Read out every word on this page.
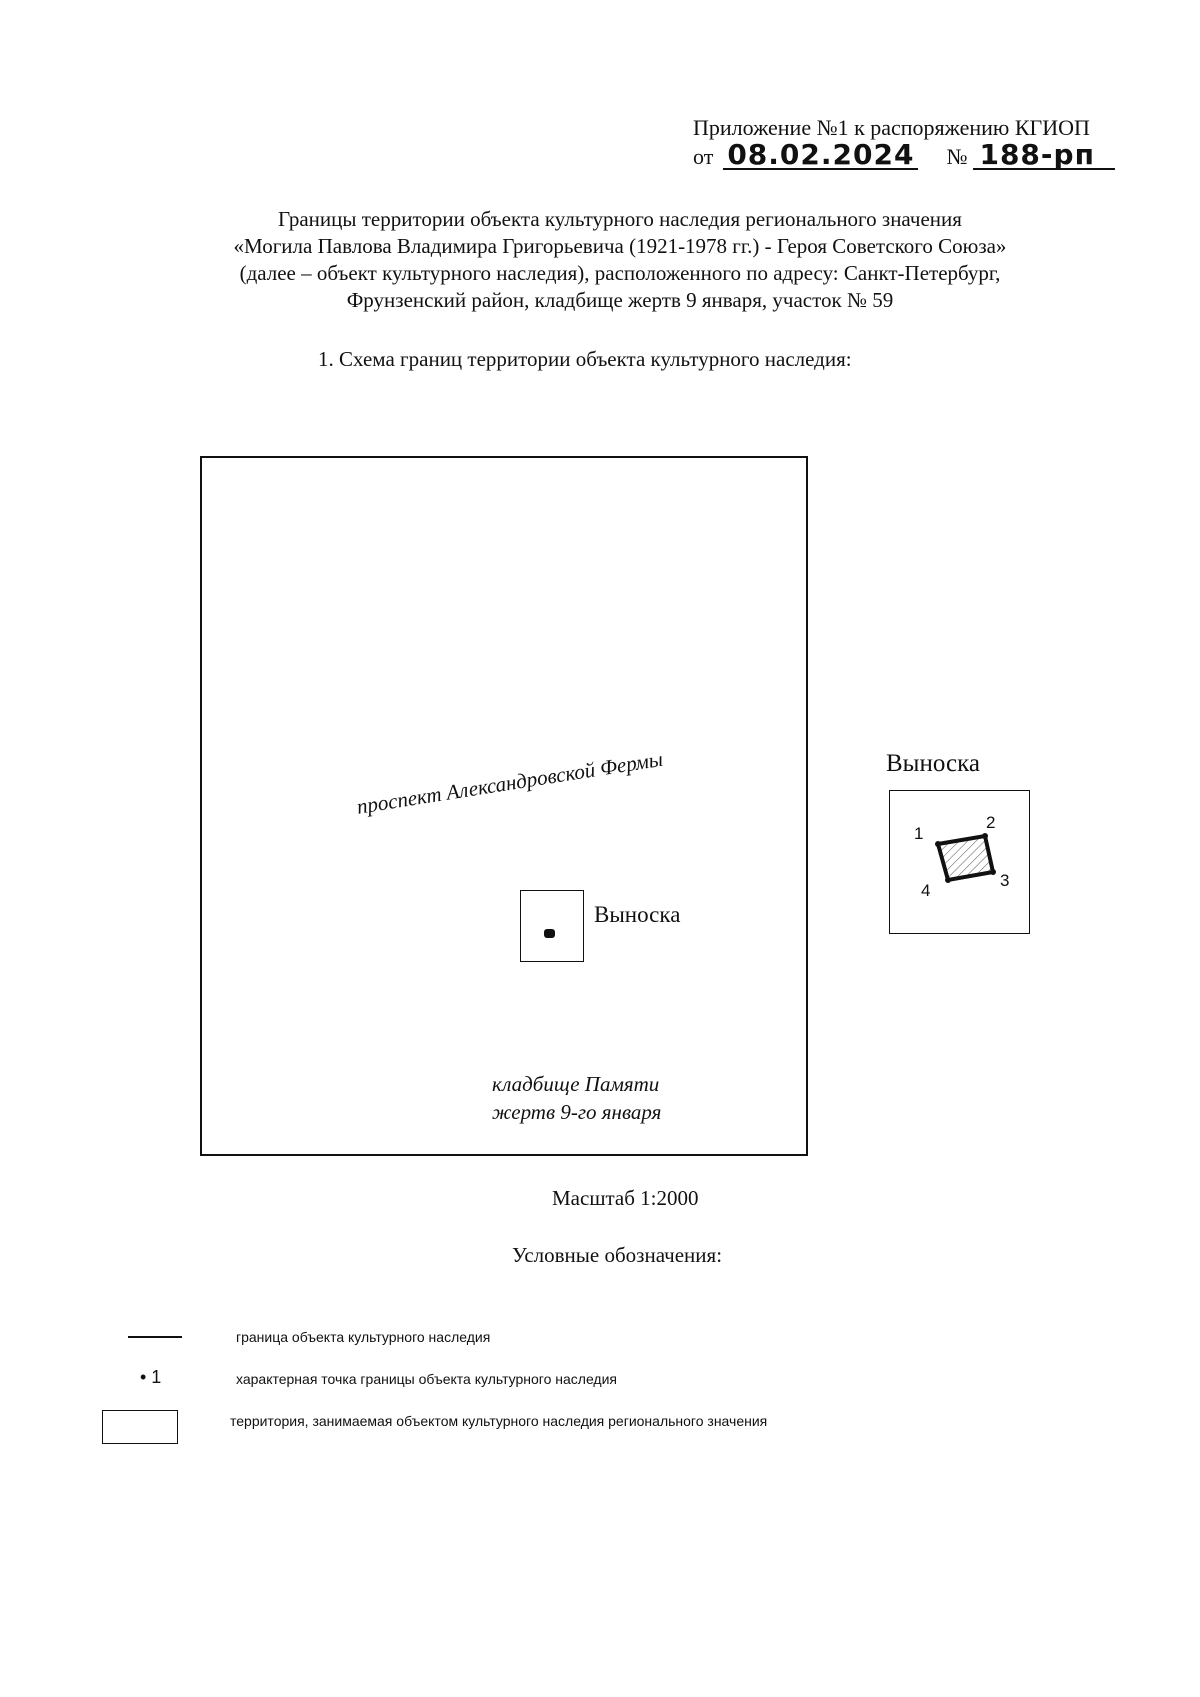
Приложение №1 к распоряжению КГИОП
от 08.02.2024 № 188-рп
Границы территории объекта культурного наследия регионального значения
«Могила Павлова Владимира Григорьевича (1921-1978 гг.) - Героя Советского Союза»
(далее – объект культурного наследия), расположенного по адресу: Санкт-Петербург,
Фрунзенский район, кладбище жертв 9 января, участок № 59
1. Схема границ территории объекта культурного наследия:
проспект Александровской Фермы
кладбище Памяти
жертв 9-го января
Выноска
Выноска
1
2
3
4
Масштаб 1:2000
Условные обозначения:
граница объекта культурного наследия
• 1	характерная точка границы объекта культурного наследия
территория, занимаемая объектом культурного наследия регионального значения
